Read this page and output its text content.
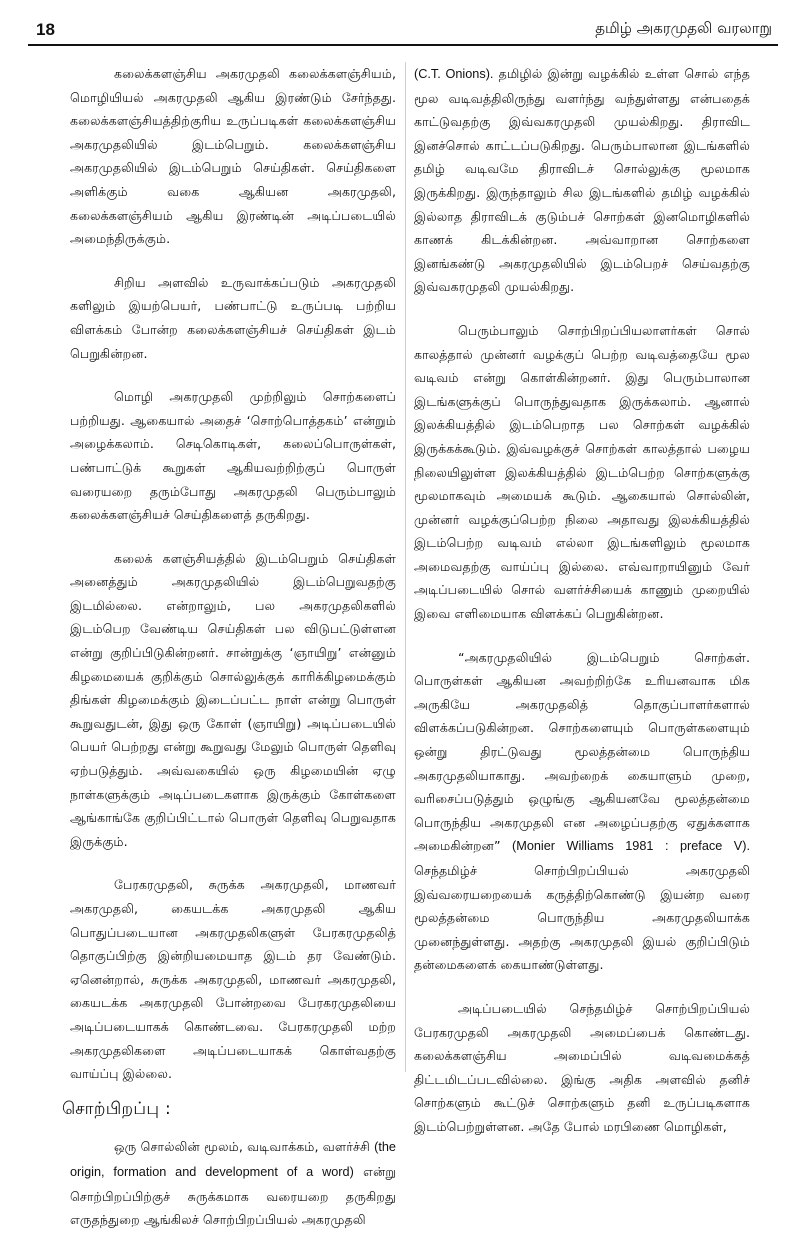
18	தமிழ் அகரமுதலி வரலாறு

கலைக்களஞ்சிய அகரமுதலி கலைக்களஞ்சியம், மொழியியல் அகரமுதலி ஆகிய இரண்டும் சேர்ந்தது. கலைக்களஞ்சியத்திற்குரிய உருப்படிகள் கலைக்களஞ்சிய அகரமுதலியில் இடம்பெறும். கலைக்களஞ்சிய அகரமுதலியில் இடம்பெறும் செய்திகள். செய்திகளை அளிக்கும் வகை ஆகியன அகரமுதலி, கலைக்களஞ்சியம் ஆகிய இரண்டின் அடிப்படையில் அமைந்திருக்கும்.

சிறிய அளவில் உருவாக்கப்படும் அகரமுதலி களிலும் இயற்பெயர், பண்பாட்டு உருப்படி பற்றிய விளக்கம் போன்ற கலைக்களஞ்சியச் செய்திகள் இடம் பெறுகின்றன.

மொழி அகரமுதலி முற்றிலும் சொற்களைப் பற்றியது. ஆகையால் அதைச் ‘சொற்பொத்தகம்’ என்றும் அழைக்கலாம். செடிகொடிகள், கலைப்பொருள்கள், பண்பாட்டுக் கூறுகள் ஆகியவற்றிற்குப் பொருள் வரையறை தரும்போது அகரமுதலி பெரும்பாலும் கலைக்களஞ்சியச் செய்திகளைத் தருகிறது.

கலைக் களஞ்சியத்தில் இடம்பெறும் செய்திகள் அனைத்தும் அகரமுதலியில் இடம்பெறுவதற்கு இடமில்லை. என்றாலும், பல அகரமுதலிகளில் இடம்பெற வேண்டிய செய்திகள் பல விடுபட்டுள்ளன என்று குறிப்பிடுகின்றனர். சான்றுக்கு ‘ஞாயிறு’ என்னும் கிழமையைக் குறிக்கும் சொல்லுக்குக் காரிக்கிழமைக்கும் திங்கள் கிழமைக்கும் இடைப்பட்ட நாள் என்று பொருள் கூறுவதுடன், இது ஒரு கோள் (ஞாயிறு) அடிப்படையில் பெயர் பெற்றது என்று கூறுவது மேலும் பொருள் தெளிவு ஏற்படுத்தும். அவ்வகையில் ஒரு கிழமையின் ஏழு நாள்களுக்கும் அடிப்படைகளாக இருக்கும் கோள்களை ஆங்காங்கே குறிப்பிட்டால் பொருள் தெளிவு பெறுவதாக இருக்கும்.

பேரகரமுதலி, சுருக்க அகரமுதலி, மாணவர் அகரமுதலி, கையடக்க அகரமுதலி ஆகிய பொதுப்படையான அகரமுதலிகளுள் பேரகரமுதலித் தொகுப்பிற்கு இன்றியமையாத இடம் தர வேண்டும். ஏனென்றால், சுருக்க அகரமுதலி, மாணவர் அகரமுதலி, கையடக்க அகரமுதலி போன்றவை பேரகரமுதலியை அடிப்படையாகக் கொண்டவை. பேரகரமுதலி மற்ற அகரமுதலிகளை அடிப்படையாகக் கொள்வதற்கு வாய்ப்பு இல்லை.

சொற்பிறப்பு :

ஒரு சொல்லின் மூலம், வடிவாக்கம், வளர்ச்சி (the origin, formation and development of a word) என்று சொற்பிறப்பிற்குச் சுருக்கமாக வரையறை தருகிறது எருதந்துறை ஆங்கிலச் சொற்பிறப்பியல் அகரமுதலி

(C.T. Onions). தமிழில் இன்று வழக்கில் உள்ள சொல் எந்த மூல வடிவத்திலிருந்து வளர்ந்து வந்துள்ளது என்பதைக் காட்டுவதற்கு இவ்வகரமுதலி முயல்கிறது. திராவிட இனச்சொல் காட்டப்படுகிறது. பெரும்பாலான இடங்களில் தமிழ் வடிவமே திராவிடச் சொல்லுக்கு மூலமாக இருக்கிறது. இருந்தாலும் சில இடங்களில் தமிழ் வழக்கில் இல்லாத திராவிடக் குடும்பச் சொற்கள் இனமொழிகளில் காணக் கிடக்கின்றன. அவ்வாறான சொற்களை இனங்கண்டு அகரமுதலியில் இடம்பெறச் செய்வதற்கு இவ்வகரமுதலி முயல்கிறது.

பெரும்பாலும் சொற்பிறப்பியலாளர்கள் சொல் காலத்தால் முன்னர் வழக்குப் பெற்ற வடிவத்தையே மூல வடிவம் என்று கொள்கின்றனர். இது பெரும்பாலான இடங்களுக்குப் பொருந்துவதாக இருக்கலாம். ஆனால் இலக்கியத்தில் இடம்பெறாத பல சொற்கள் வழக்கில் இருக்கக்கூடும். இவ்வழக்குச் சொற்கள் காலத்தால் பழைய நிலையிலுள்ள இலக்கியத்தில் இடம்பெற்ற சொற்களுக்கு மூலமாகவும் அமையக் கூடும். ஆகையால் சொல்லின், முன்னர் வழக்குப்பெற்ற நிலை அதாவது இலக்கியத்தில் இடம்பெற்ற வடிவம் எல்லா இடங்களிலும் மூலமாக அமைவதற்கு வாய்ப்பு இல்லை. எவ்வாறாயினும் வேர் அடிப்படையில் சொல் வளர்ச்சியைக் காணும் முறையில் இவை எளிமையாக விளக்கப் பெறுகின்றன.

“அகரமுதலியில் இடம்பெறும் சொற்கள். பொருள்கள் ஆகியன அவற்றிற்கே உரியனவாக மிக அருகியே அகரமுதலித் தொகுப்பாளர்களால் விளக்கப்படுகின்றன. சொற்களையும் பொருள்களையும் ஒன்று திரட்டுவது மூலத்தன்மை பொருந்திய அகரமுதலியாகாது. அவற்றைக் கையாளும் முறை, வரிசைப்படுத்தும் ஒழுங்கு ஆகியனவே மூலத்தன்மை பொருந்திய அகரமுதலி என அழைப்பதற்கு ஏதுக்களாக அமைகின்றன” (Monier Williams 1981 : preface V). செந்தமிழ்ச் சொற்பிறப்பியல் அகரமுதலி இவ்வரையறையைக் கருத்திற்கொண்டு இயன்ற வரை மூலத்தன்மை பொருந்திய அகரமுதலியாக்க முனைந்துள்ளது. அதற்கு அகரமுதலி இயல் குறிப்பிடும் தன்மைகளைக் கையாண்டுள்ளது.

அடிப்படையில் செந்தமிழ்ச் சொற்பிறப்பியல் பேரகரமுதலி அகரமுதலி அமைப்பைக் கொண்டது. கலைக்களஞ்சிய அமைப்பில் வடிவமைக்கத் திட்டமிடப்படவில்லை. இங்கு அதிக அளவில் தனிச் சொற்களும் கூட்டுச் சொற்களும் தனி உருப்படிகளாக இடம்பெற்றுள்ளன. அதே போல் மரபிணை மொழிகள்,
